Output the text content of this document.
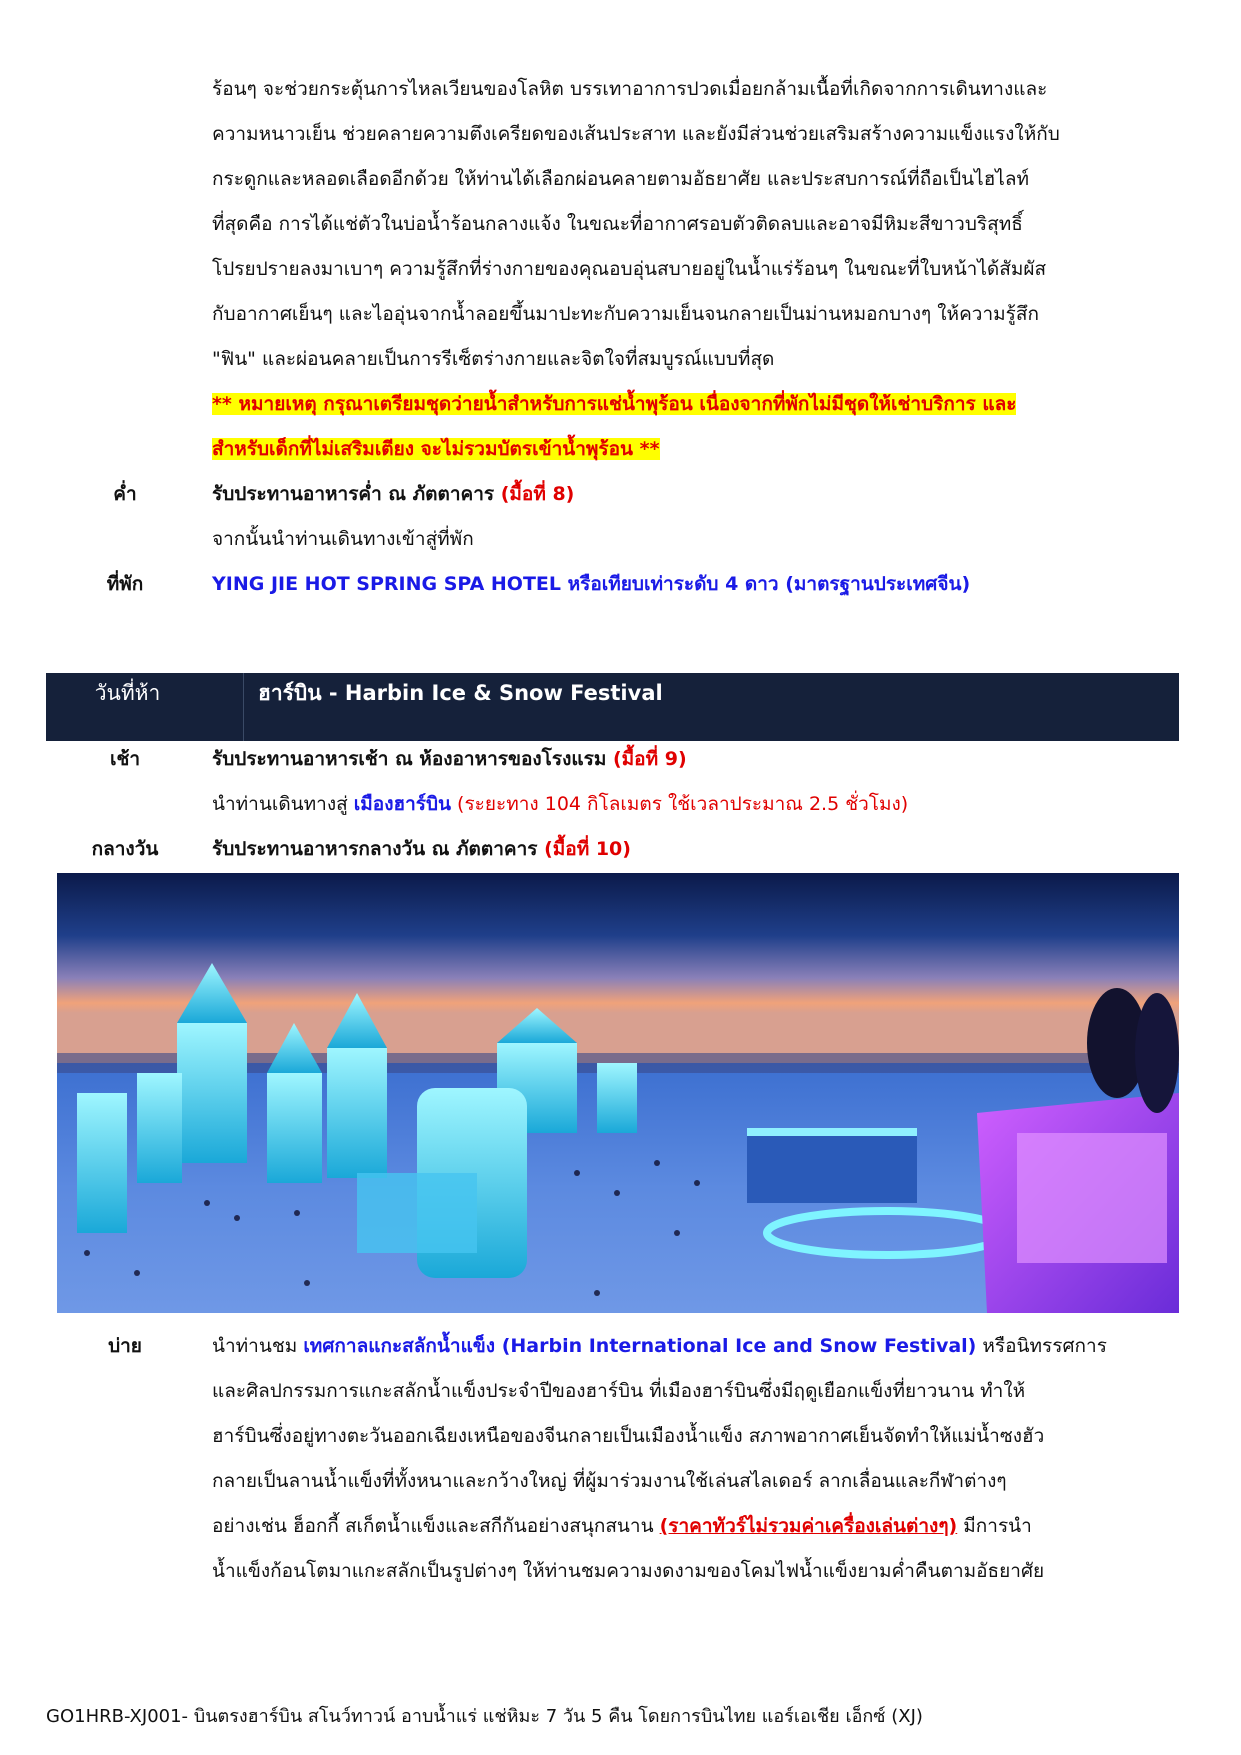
ร้อนๆ จะช่วยกระตุ้นการไหลเวียนของโลหิต บรรเทาอาการปวดเมื่อยกล้ามเนื้อที่เกิดจากการเดินทางและ

ความหนาวเย็น ช่วยคลายความตึงเครียดของเส้นประสาท และยังมีส่วนช่วยเสริมสร้างความแข็งแรงให้กับ

กระดูกและหลอดเลือดอีกด้วย ให้ท่านได้เลือกผ่อนคลายตามอัธยาศัย และประสบการณ์ที่ถือเป็นไฮไลท์

ที่สุดคือ การได้แช่ตัวในบ่อน้ำร้อนกลางแจ้ง ในขณะที่อากาศรอบตัวติดลบและอาจมีหิมะสีขาวบริสุทธิ์

โปรยปรายลงมาเบาๆ ความรู้สึกที่ร่างกายของคุณอบอุ่นสบายอยู่ในน้ำแร่ร้อนๆ ในขณะที่ใบหน้าได้สัมผัส

กับอากาศเย็นๆ และไออุ่นจากน้ำลอยขึ้นมาปะทะกับความเย็นจนกลายเป็นม่านหมอกบางๆ ให้ความรู้สึก

"ฟิน" และผ่อนคลายเป็นการรีเซ็ตร่างกายและจิตใจที่สมบูรณ์แบบที่สุด

** หมายเหตุ กรุณาเตรียมชุดว่ายน้ำสำหรับการแช่น้ำพุร้อน เนื่องจากที่พักไม่มีชุดให้เช่าบริการ และ

สำหรับเด็กที่ไม่เสริมเตียง จะไม่รวมบัตรเข้าน้ำพุร้อน **

ค่ำ	รับประทานอาหารค่ำ ณ ภัตตาคาร (มื้อที่ 8)
จากนั้นนำท่านเดินทางเข้าสู่ที่พัก
ที่พัก	YING JIE HOT SPRING SPA HOTEL หรือเทียบเท่าระดับ 4 ดาว (มาตรฐานประเทศจีน)
วันที่ห้า	ฮาร์บิน - Harbin Ice & Snow Festival
เช้า	รับประทานอาหารเช้า ณ ห้องอาหารของโรงแรม (มื้อที่ 9)
นำท่านเดินทางสู่ เมืองฮาร์บิน (ระยะทาง 104 กิโลเมตร ใช้เวลาประมาณ 2.5 ชั่วโมง)
กลางวัน	รับประทานอาหารกลางวัน ณ ภัตตาคาร (มื้อที่ 10)
บ่าย	นำท่านชม เทศกาลแกะสลักน้ำแข็ง (Harbin International Ice and Snow Festival) หรือนิทรรศการ

และศิลปกรรมการแกะสลักน้ำแข็งประจำปีของฮาร์บิน ที่เมืองฮาร์บินซึ่งมีฤดูเยือกแข็งที่ยาวนาน ทำให้

ฮาร์บินซึ่งอยู่ทางตะวันออกเฉียงเหนือของจีนกลายเป็นเมืองน้ำแข็ง สภาพอากาศเย็นจัดทำให้แม่น้ำซงฮัว

กลายเป็นลานน้ำแข็งที่ทั้งหนาและกว้างใหญ่ ที่ผู้มาร่วมงานใช้เล่นสไลเดอร์ ลากเลื่อนและกีฬาต่างๆ

อย่างเช่น ฮ็อกกี้ สเก็ตน้ำแข็งและสกีกันอย่างสนุกสนาน (ราคาทัวร์ไม่รวมค่าเครื่องเล่นต่างๆ) มีการนำ

น้ำแข็งก้อนโตมาแกะสลักเป็นรูปต่างๆ ให้ท่านชมความงดงามของโคมไฟน้ำแข็งยามค่ำคืนตามอัธยาศัย

GO1HRB-XJ001- บินตรงฮาร์บิน สโนว์ทาวน์ อาบน้ำแร่ แช่หิมะ 7 วัน 5 คืน โดยการบินไทย แอร์เอเชีย เอ็กซ์ (XJ)
